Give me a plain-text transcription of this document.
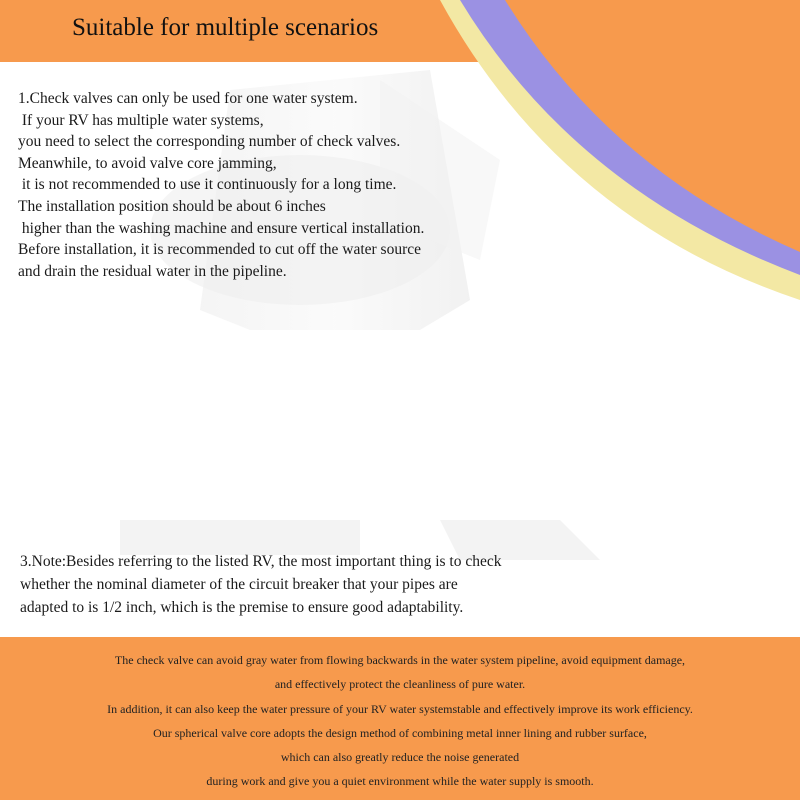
Suitable for multiple scenarios
1.Check valves can only be used for one water system.
If your RV has multiple water systems,
you need to select the corresponding number of check valves.
Meanwhile, to avoid valve core jamming,
it is not recommended to use it continuously for a long time.
The installation position should be about 6 inches
higher than the washing machine and ensure vertical installation.
Before installation, it is recommended to cut off the water source
and drain the residual water in the pipeline.
3.Note:Besides referring to the listed RV, the most important thing is to check
whether the nominal diameter of the circuit breaker that your pipes are
adapted to is 1/2 inch, which is the premise to ensure good adaptability.
The check valve can avoid gray water from flowing backwards in the water system pipeline, avoid equipment damage,
and effectively protect the cleanliness of pure water.
In addition, it can also keep the water pressure of your RV water systemstable and effectively improve its work efficiency.
Our spherical valve core adopts the design method of combining metal inner lining and rubber surface,
which can also greatly reduce the noise generated
during work and give you a quiet environment while the water supply is smooth.
